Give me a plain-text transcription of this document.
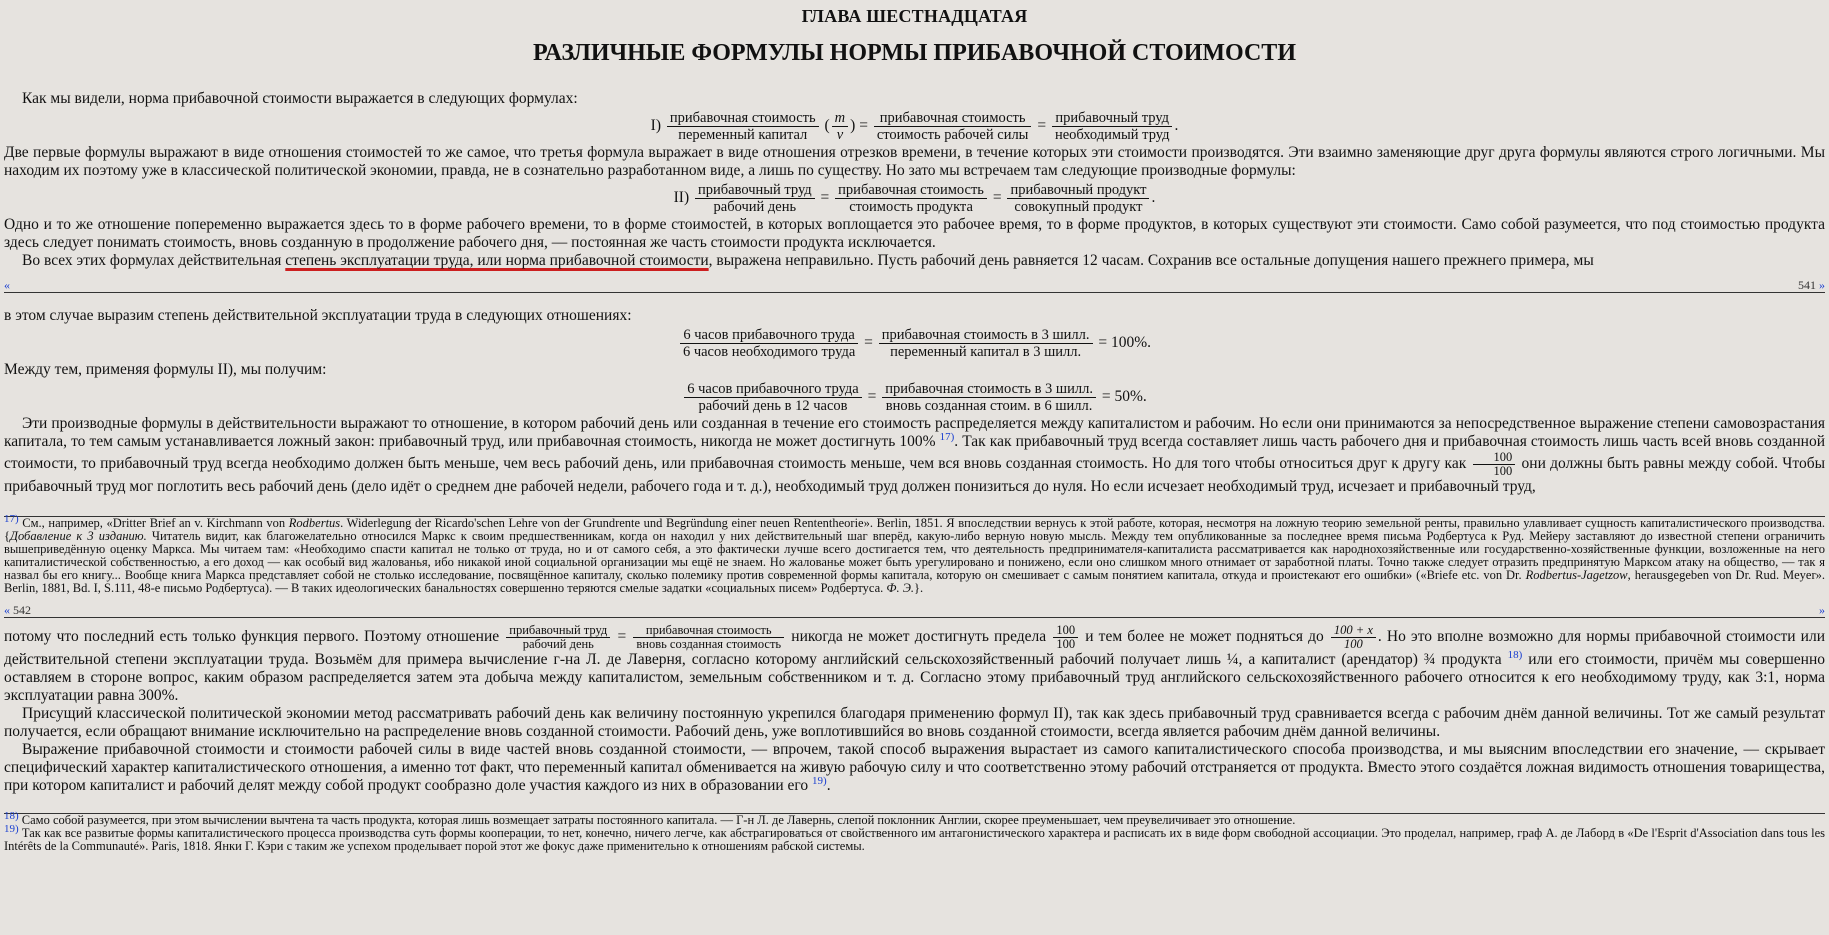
ГЛАВА ШЕСТНАДЦАТАЯ
РАЗЛИЧНЫЕ ФОРМУЛЫ НОРМЫ ПРИБАВОЧНОЙ СТОИМОСТИ

Как мы видели, норма прибавочной стоимости выражается в следующих формулах:

$I) \frac{\text{прибавочная стоимость}}{\text{переменный капитал}}$ ( $\frac{m}{v}$ ) = $\frac{\text{прибавочная стоимость}}{\text{стоимость рабочей силы}} = \frac{\text{прибавочный труд}}{\text{необходимый труд}}$ .

Две первые формулы выражают в виде отношения стоимостей то же самое, что третья формула выражает в виде отношения отрезков времени, в течение которых эти стоимости производятся. Эти взаимно заменяющие друг друга формулы являются строго логичными. Мы находим их поэтому уже в классической политической экономии, правда, не в сознательно разработанном виде, а лишь по существу. Но зато мы встречаем там следующие производные формулы:

$II) \frac{\text{прибавочный труд}}{\text{рабочий день}} = \frac{\text{прибавочная стоимость}}{\text{стоимость продукта}} = \frac{\text{прибавочный продукт}}{\text{совокупный продукт}}$ .

Одно и то же отношение попеременно выражается здесь то в форме рабочего времени, то в форме стоимостей, в которых воплощается это рабочее время, то в форме продуктов, в которых существуют эти стоимости. Само собой разумеется, что под стоимостью продукта здесь следует понимать стоимость, вновь созданную в продолжение рабочего дня, — постоянная же часть стоимости продукта исключается.

Во всех этих формулах действительная степень эксплуатации труда, или норма прибавочной стоимости, выражена неправильно. Пусть рабочий день равняется 12 часам. Сохранив все остальные допущения нашего прежнего примера, мы

«	541 »

в этом случае выразим степень действительной эксплуатации труда в следующих отношениях:

$\frac{\text{6 часов прибавочного труда}}{\text{6 часов необходимого труда}} = \frac{\text{прибавочная стоимость в 3 шилл.}}{\text{переменный капитал в 3 шилл.}} = 100\%$.

Между тем, применяя формулы II), мы получим:

$\frac{\text{6 часов прибавочного труда}}{\text{рабочий день в 12 часов}} = \frac{\text{прибавочная стоимость в 3 шилл.}}{\text{вновь созданная стоим. в 6 шилл.}} = 50\%$.

Эти производные формулы в действительности выражают то отношение, в котором рабочий день или созданная в течение его стоимость распределяется между капиталистом и рабочим. Но если они принимаются за непосредственное выражение степени самовозрастания капитала, то тем самым устанавливается ложный закон: прибавочный труд, или прибавочная стоимость, никогда не может достигнуть 100% $^{17)}$. Так как прибавочный труд всегда составляет лишь часть рабочего дня и прибавочная стоимость лишь часть всей вновь созданной стоимости, то прибавочный труд всегда необходимо должен быть меньше, чем весь рабочий день, или прибавочная стоимость меньше, чем вся вновь созданная стоимость. Но для того чтобы относиться друг к другу как $\frac{100}{100}$ они должны быть равны между собой. Чтобы прибавочный труд мог поглотить весь рабочий день (дело идёт о среднем дне рабочей недели, рабочего года и т. д.), необходимый труд должен понизиться до нуля. Но если исчезает необходимый труд, исчезает и прибавочный труд,

17) См., например, «Dritter Brief an v. Kirchmann von Rodbertus. Widerlegung der Ricardo'schen Lehre von der Grundrente und Begründung einer neuen Rententheorie». Berlin, 1851. Я впоследствии вернусь к этой работе, которая, несмотря на ложную теорию земельной ренты, правильно улавливает сущность капиталистического производства. {Добавление к 3 изданию. Читатель видит, как благожелательно относился Маркс к своим предшественникам, когда он находил у них действительный шаг вперёд, какую-либо верную новую мысль. Между тем опубликованные за последнее время письма Родбертуса к Руд. Мейеру заставляют до известной степени ограничить вышеприведённую оценку Маркса. Мы читаем там: «Необходимо спасти капитал не только от труда, но и от самого себя, а это фактически лучше всего достигается тем, что деятельность предпринимателя-капиталиста рассматривается как народнохозяйственные или государственно-хозяйственные функции, возложенные на него капиталистической собственностью, а его доход — как особый вид жалованья, ибо никакой иной социальной организации мы ещё не знаем. Но жалованье может быть урегулировано и понижено, если оно слишком много отнимает от заработной платы. Точно также следует отразить предпринятую Марксом атаку на общество, — так я назвал бы его книгу... Вообще книга Маркса представляет собой не столько исследование, посвящённое капиталу, сколько полемику против современной формы капитала, которую он смешивает с самым понятием капитала, откуда и проистекают его ошибки» («Briefe etc. von Dr. Rodbertus-Jagetzow, herausgegeben von Dr. Rud. Meyer». Berlin, 1881, Bd. I, S.111, 48-е письмо Родбертуса). — В таких идеологических банальностях совершенно теряются смелые задатки «социальных писем» Родбертуса. Ф. Э.}.

« 542	»

потому что последний есть только функция первого. Поэтому отношение $\frac{\text{прибавочный труд}}{\text{рабочий день}} = \frac{\text{прибавочная стоимость}}{\text{вновь созданная стоимость}}$ никогда не может достигнуть предела $\frac{100}{100}$ и тем более не может подняться до $\frac{100 + x}{100}$ . Но это вполне возможно для нормы прибавочной стоимости или действительной степени эксплуатации труда. Возьмём для примера вычисление г-на Л. де Лаверня, согласно которому английский сельскохозяйственный рабочий получает лишь ¼, а капиталист (арендатор) ¾ продукта $^{18)}$ или его стоимости, причём мы совершенно оставляем в стороне вопрос, каким образом распределяется затем эта добыча между капиталистом, земельным собственником и т. д. Согласно этому прибавочный труд английского сельскохозяйственного рабочего относится к его необходимому труду, как 3:1, норма эксплуатации равна 300%.

Присущий классической политической экономии метод рассматривать рабочий день как величину постоянную укрепился благодаря применению формул II), так как здесь прибавочный труд сравнивается всегда с рабочим днём данной величины. Тот же самый результат получается, если обращают внимание исключительно на распределение вновь созданной стоимости. Рабочий день, уже воплотившийся во вновь созданной стоимости, всегда является рабочим днём данной величины.

Выражение прибавочной стоимости и стоимости рабочей силы в виде частей вновь созданной стоимости, — впрочем, такой способ выражения вырастает из самого капиталистического способа производства, и мы выясним впоследствии его значение, — скрывает специфический характер капиталистического отношения, а именно тот факт, что переменный капитал обменивается на живую рабочую силу и что соответственно этому рабочий отстраняется от продукта. Вместо этого создаётся ложная видимость отношения товарищества, при котором капиталист и рабочий делят между собой продукт сообразно доле участия каждого из них в образовании его $^{19)}$.

18) Само собой разумеется, при этом вычислении вычтена та часть продукта, которая лишь возмещает затраты постоянного капитала. — Г-н Л. де Лавернь, слепой поклонник Англии, скорее преуменьшает, чем преувеличивает это отношение.

19) Так как все развитые формы капиталистического процесса производства суть формы кооперации, то нет, конечно, ничего легче, как абстрагироваться от свойственного им антагонистического характера и расписать их в виде форм свободной ассоциации. Это проделал, например, граф А. де Лаборд в «De l'Esprit d'Association dans tous les Intérêts de la Communauté». Paris, 1818. Янки Г. Кэри с таким же успехом проделывает порой этот же фокус даже применительно к отношениям рабской системы.
